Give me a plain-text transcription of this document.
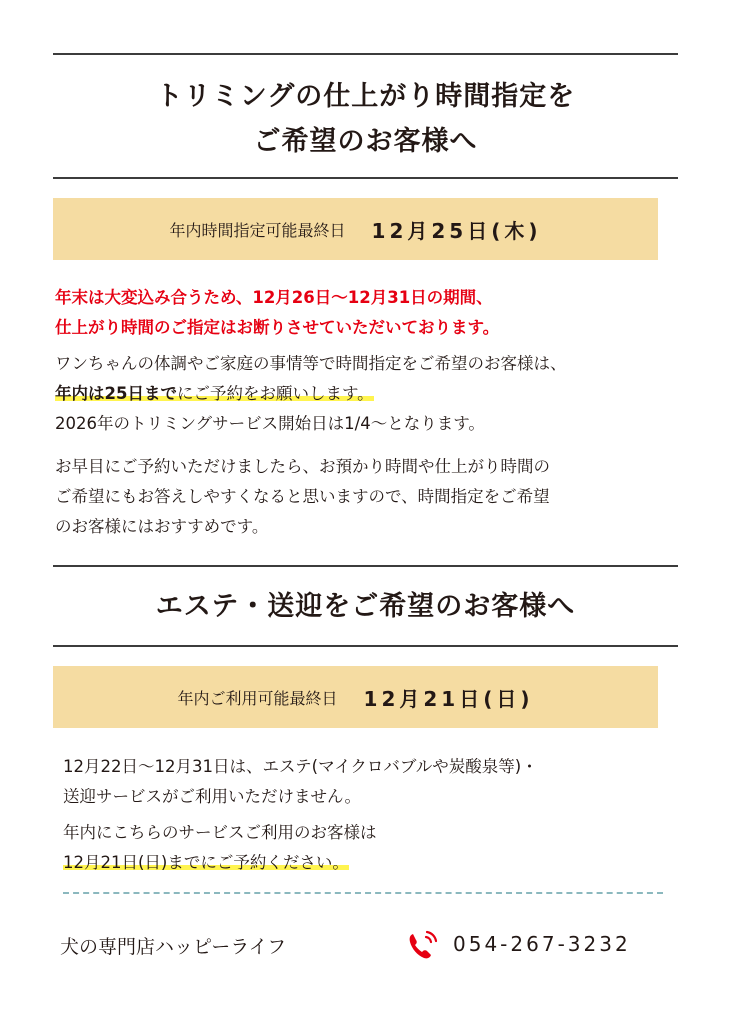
トリミングの仕上がり時間指定を
ご希望のお客様へ
年内時間指定可能最終日 12月25日(木)
年末は大変込み合うため、12月26日〜12月31日の期間、
仕上がり時間のご指定はお断りさせていただいております。
ワンちゃんの体調やご家庭の事情等で時間指定をご希望のお客様は、
年内は25日までにご予約をお願いします。
2026年のトリミングサービス開始日は1/4〜となります。
お早目にご予約いただけましたら、お預かり時間や仕上がり時間の
ご希望にもお答えしやすくなると思いますので、時間指定をご希望
のお客様にはおすすめです。
エステ・送迎をご希望のお客様へ
年内ご利用可能最終日 12月21日(日)
12月22日〜12月31日は、エステ(マイクロバブルや炭酸泉等)・
送迎サービスがご利用いただけません。
年内にこちらのサービスご利用のお客様は
12月21日(日)までにご予約ください。
犬の専門店ハッピーライフ	054-267-3232
